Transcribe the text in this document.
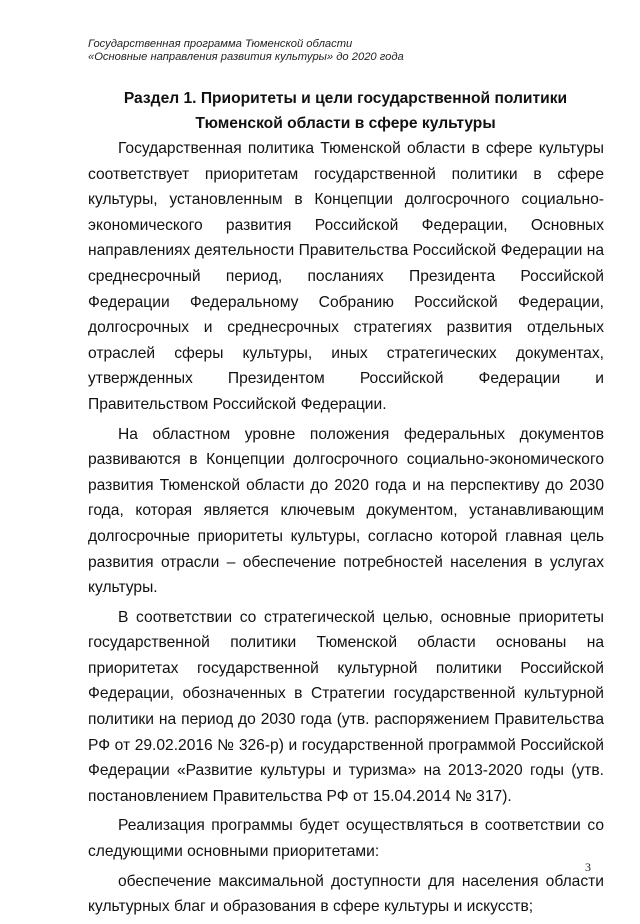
Государственная программа Тюменской области
«Основные направления развития культуры» до 2020 года
Раздел 1. Приоритеты и цели государственной политики
Тюменской области в сфере культуры

Государственная политика Тюменской области в сфере культуры соответствует приоритетам государственной политики в сфере культуры, установленным в Концепции долгосрочного социально-экономического развития Российской Федерации, Основных направлениях деятельности Правительства Российской Федерации на среднесрочный период, посланиях Президента Российской Федерации Федеральному Собранию Российской Федерации, долгосрочных и среднесрочных стратегиях развития отдельных отраслей сферы культуры, иных стратегических документах, утвержденных Президентом Российской Федерации и Правительством Российской Федерации.

На областном уровне положения федеральных документов развиваются в Концепции долгосрочного социально-экономического развития Тюменской области до 2020 года и на перспективу до 2030 года, которая является ключевым документом, устанавливающим долгосрочные приоритеты культуры, согласно которой главная цель развития отрасли – обеспечение потребностей населения в услугах культуры.

В соответствии со стратегической целью, основные приоритеты государственной политики Тюменской области основаны на приоритетах государственной культурной политики Российской Федерации, обозначенных в Стратегии государственной культурной политики на период до 2030 года (утв. распоряжением Правительства РФ от 29.02.2016 № 326-р) и государственной программой Российской Федерации «Развитие культуры и туризма» на 2013-2020 годы (утв. постановлением Правительства РФ от 15.04.2014 № 317).

Реализация программы будет осуществляться в соответствии со следующими основными приоритетами:

обеспечение максимальной доступности для населения области культурных благ и образования в сфере культуры и искусств;

3
